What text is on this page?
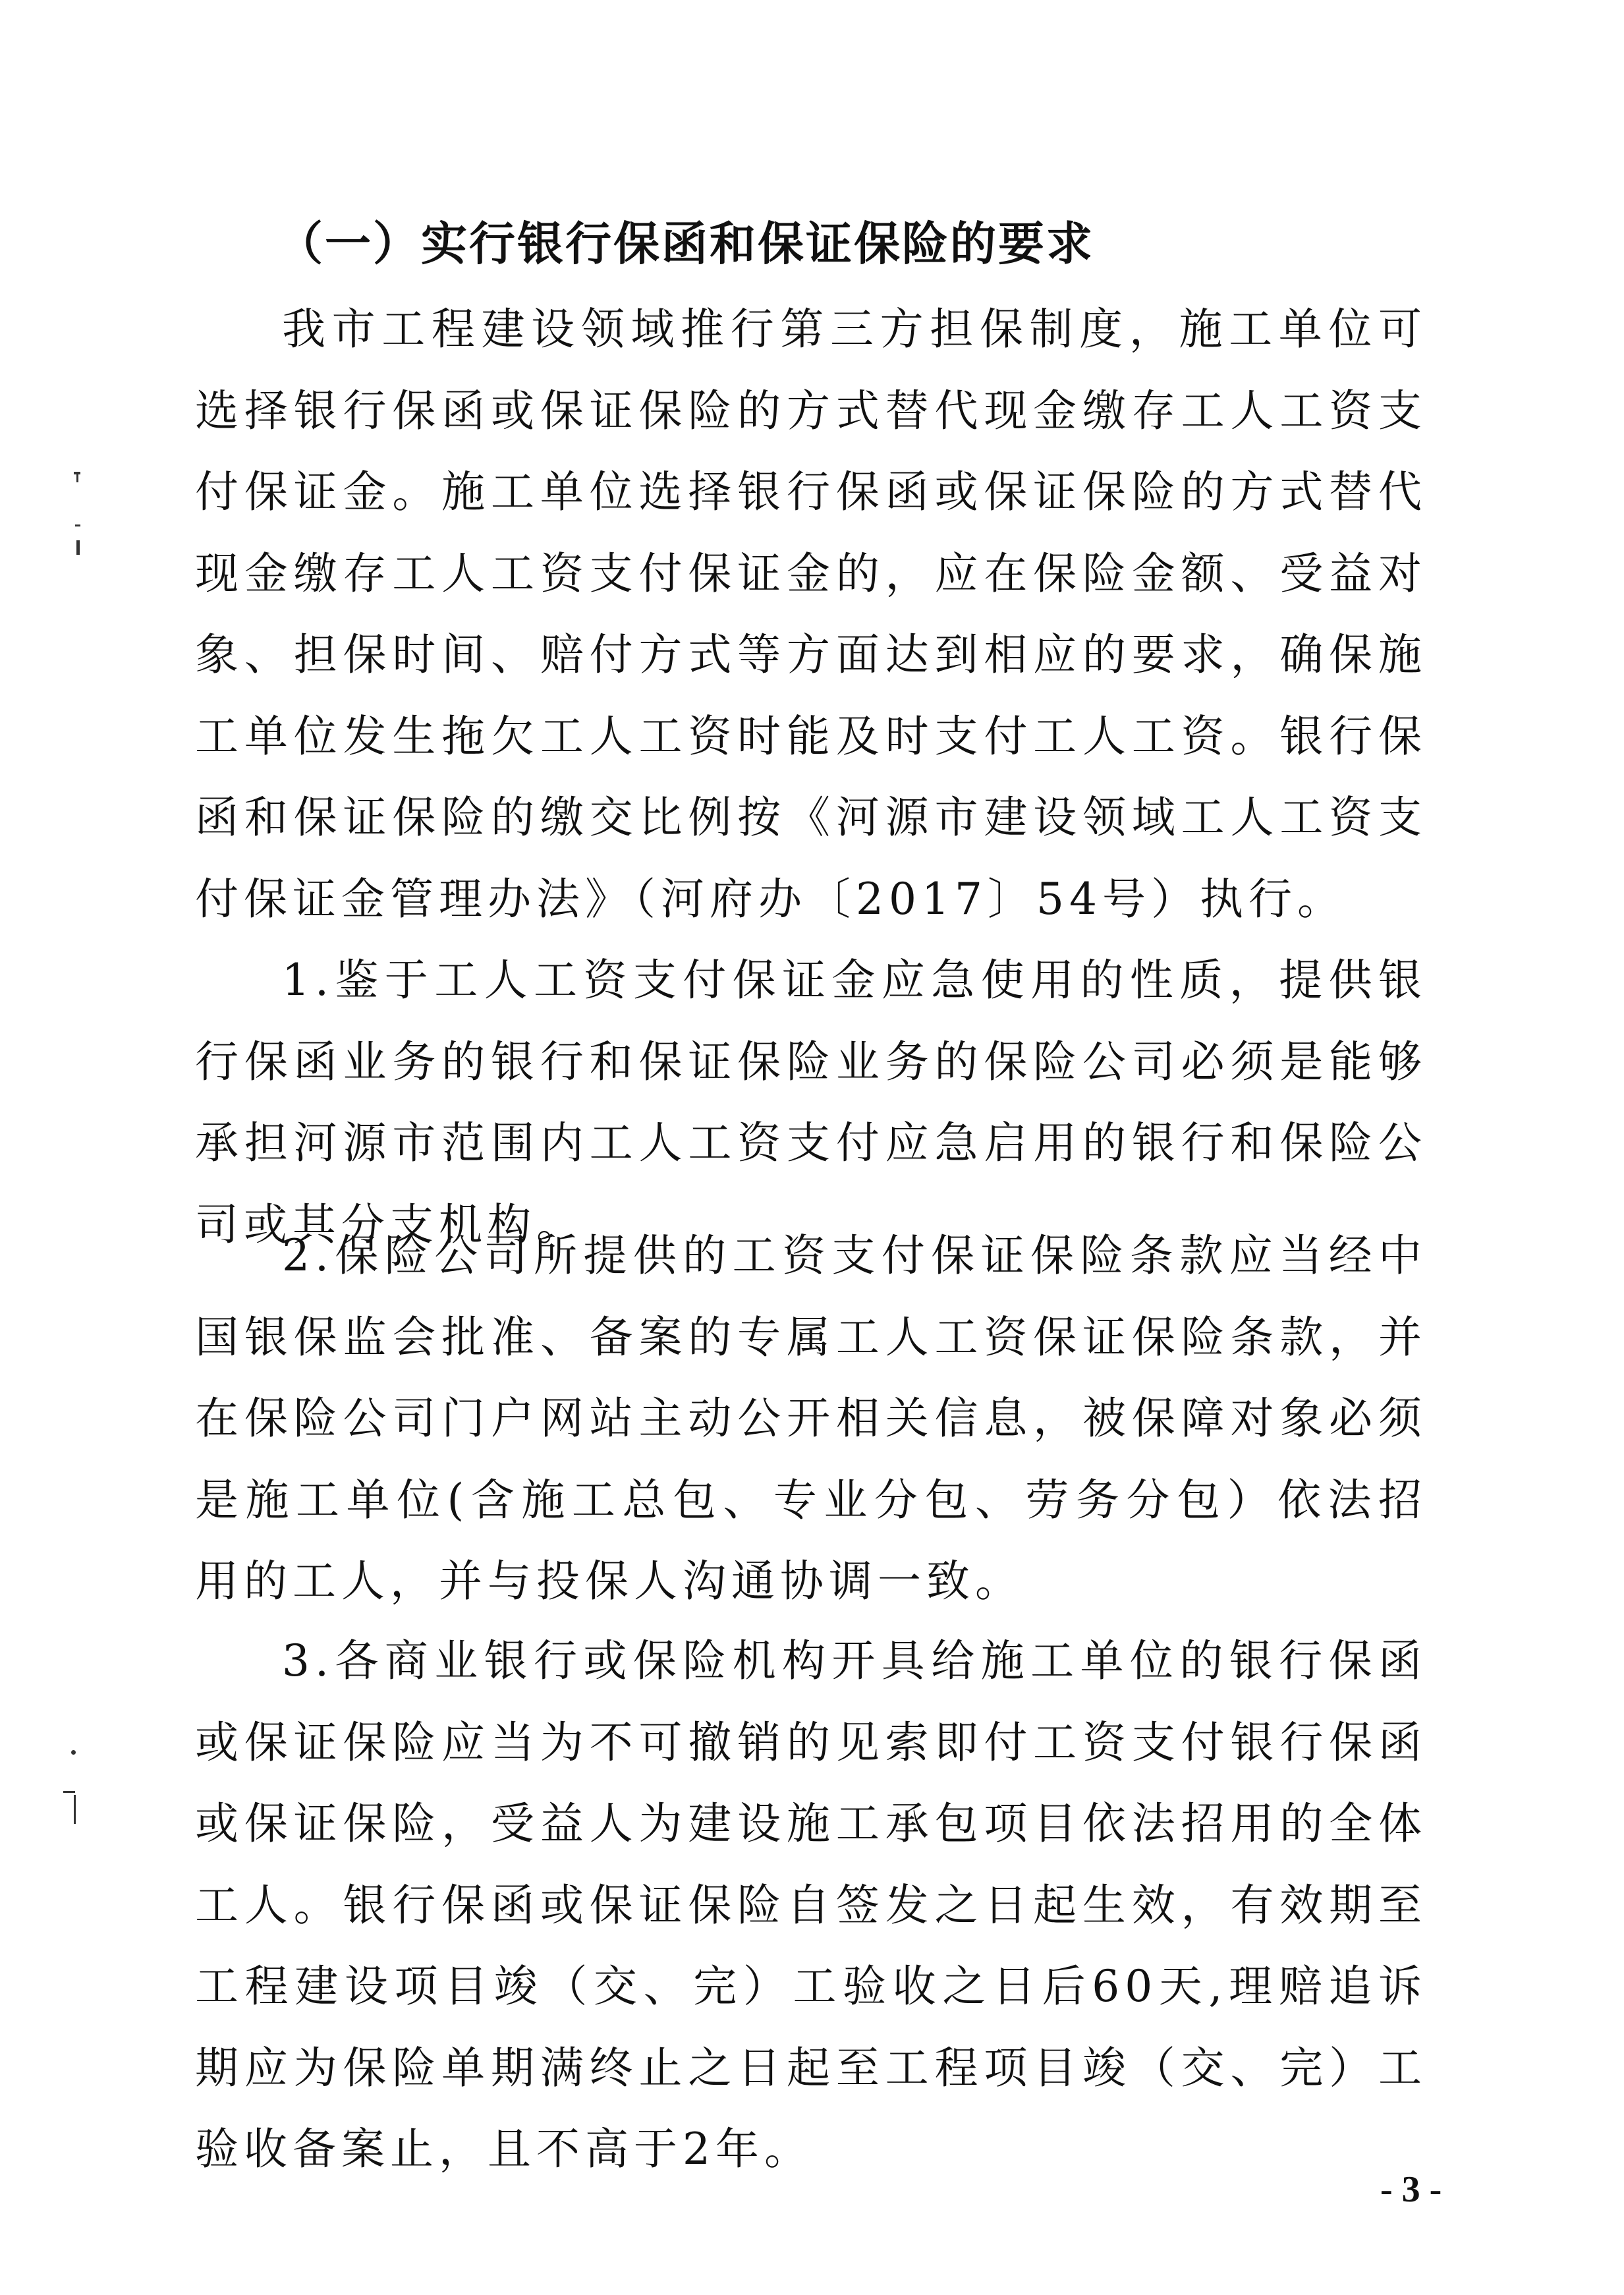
（一）实行银行保函和保证保险的要求

我市工程建设领域推行第三方担保制度，施工单位可选择银行保函或保证保险的方式替代现金缴存工人工资支付保证金。施工单位选择银行保函或保证保险的方式替代现金缴存工人工资支付保证金的，应在保险金额、受益对象、担保时间、赔付方式等方面达到相应的要求，确保施工单位发生拖欠工人工资时能及时支付工人工资。银行保函和保证保险的缴交比例按《河源市建设领域工人工资支付保证金管理办法》（河府办〔2017〕54号）执行。

1.鉴于工人工资支付保证金应急使用的性质，提供银行保函业务的银行和保证保险业务的保险公司必须是能够承担河源市范围内工人工资支付应急启用的银行和保险公司或其分支机构。

2.保险公司所提供的工资支付保证保险条款应当经中国银保监会批准、备案的专属工人工资保证保险条款，并在保险公司门户网站主动公开相关信息，被保障对象必须是施工单位(含施工总包、专业分包、劳务分包）依法招用的工人，并与投保人沟通协调一致。

3.各商业银行或保险机构开具给施工单位的银行保函或保证保险应当为不可撤销的见索即付工资支付银行保函或保证保险，受益人为建设施工承包项目依法招用的全体工人。银行保函或保证保险自签发之日起生效，有效期至工程建设项目竣（交、完）工验收之日后60天,理赔追诉期应为保险单期满终止之日起至工程项目竣（交、完）工验收备案止，且不高于2年。

- 3 -
